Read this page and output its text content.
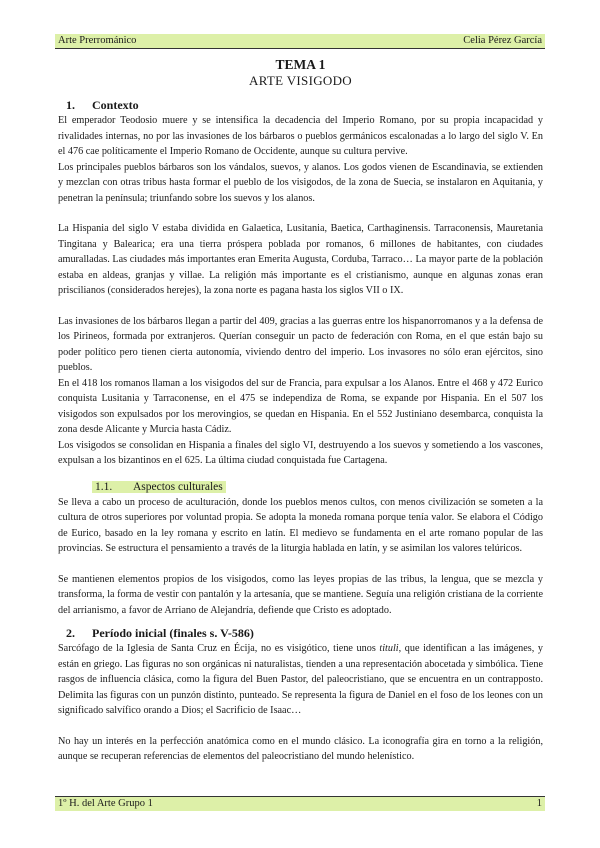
Arte Prerrománico	Celia Pérez García
TEMA 1
ARTE VISIGODO
1. Contexto

El emperador Teodosio muere y se intensifica la decadencia del Imperio Romano, por su propia incapacidad y rivalidades internas, no por las invasiones de los bárbaros o pueblos germánicos escalonadas a lo largo del siglo V. En el 476 cae políticamente el Imperio Romano de Occidente, aunque su cultura pervive.

Los principales pueblos bárbaros son los vándalos, suevos, y alanos. Los godos vienen de Escandinavia, se extienden y mezclan con otras tribus hasta formar el pueblo de los visigodos, de la zona de Suecia, se instalaron en Aquitania, y penetran la península; triunfando sobre los suevos y los alanos.

La Hispania del siglo V estaba dividida en Galaetica, Lusitania, Baetica, Carthaginensis. Tarraconensis, Mauretania Tingitana y Balearica; era una tierra próspera poblada por romanos, 6 millones de habitantes, con ciudades amuralladas. Las ciudades más importantes eran Emerita Augusta, Corduba, Tarraco… La mayor parte de la población estaba en aldeas, granjas y villae. La religión más importante es el cristianismo, aunque en algunas zonas eran priscilianos (considerados herejes), la zona norte es pagana hasta los siglos VII o IX.

Las invasiones de los bárbaros llegan a partir del 409, gracias a las guerras entre los hispanorromanos y a la defensa de los Pirineos, formada por extranjeros. Querían conseguir un pacto de federación con Roma, en el que están bajo su poder político pero tienen cierta autonomía, viviendo dentro del imperio. Los invasores no sólo eran ejércitos, sino pueblos.

En el 418 los romanos llaman a los visigodos del sur de Francia, para expulsar a los Alanos. Entre el 468 y 472 Eurico conquista Lusitania y Tarraconense, en el 475 se independiza de Roma, se expande por Hispania. En el 507 los visigodos son expulsados por los merovingios, se quedan en Hispania. En el 552 Justiniano desembarca, conquista la zona desde Alicante y Murcia hasta Cádiz.

Los visigodos se consolidan en Hispania a finales del siglo VI, destruyendo a los suevos y sometiendo a los vascones, expulsan a los bizantinos en el 625. La última ciudad conquistada fue Cartagena.

1.1. Aspectos culturales

Se lleva a cabo un proceso de aculturación, donde los pueblos menos cultos, con menos civilización se someten a la cultura de otros superiores por voluntad propia. Se adopta la moneda romana porque tenía valor. Se elabora el Código de Eurico, basado en la ley romana y escrito en latín. El medievo se fundamenta en el arte romano popular de las provincias. Se estructura el pensamiento a través de la liturgia hablada en latín, y se asimilan los valores telúricos.

Se mantienen elementos propios de los visigodos, como las leyes propias de las tribus, la lengua, que se mezcla y transforma, la forma de vestir con pantalón y la artesanía, que se mantiene. Seguía una religión cristiana de la corriente del arrianismo, a favor de Arriano de Alejandría, defiende que Cristo es adoptado.

2. Período inicial (finales s. V-586)

Sarcófago de la Iglesia de Santa Cruz en Écija, no es visigótico, tiene unos tituli, que identifican a las imágenes, y están en griego. Las figuras no son orgánicas ni naturalistas, tienden a una representación abocetada y simbólica. Tiene rasgos de influencia clásica, como la figura del Buen Pastor, del paleocristiano, que se encuentra en un contrapposto. Delimita las figuras con un punzón distinto, punteado. Se representa la figura de Daniel en el foso de los leones con un significado salvífico orando a Dios; el Sacrificio de Isaac…

No hay un interés en la perfección anatómica como en el mundo clásico. La iconografía gira en torno a la religión, aunque se recuperan referencias de elementos del paleocristiano del mundo helenístico.

1º H. del Arte Grupo 1	1
